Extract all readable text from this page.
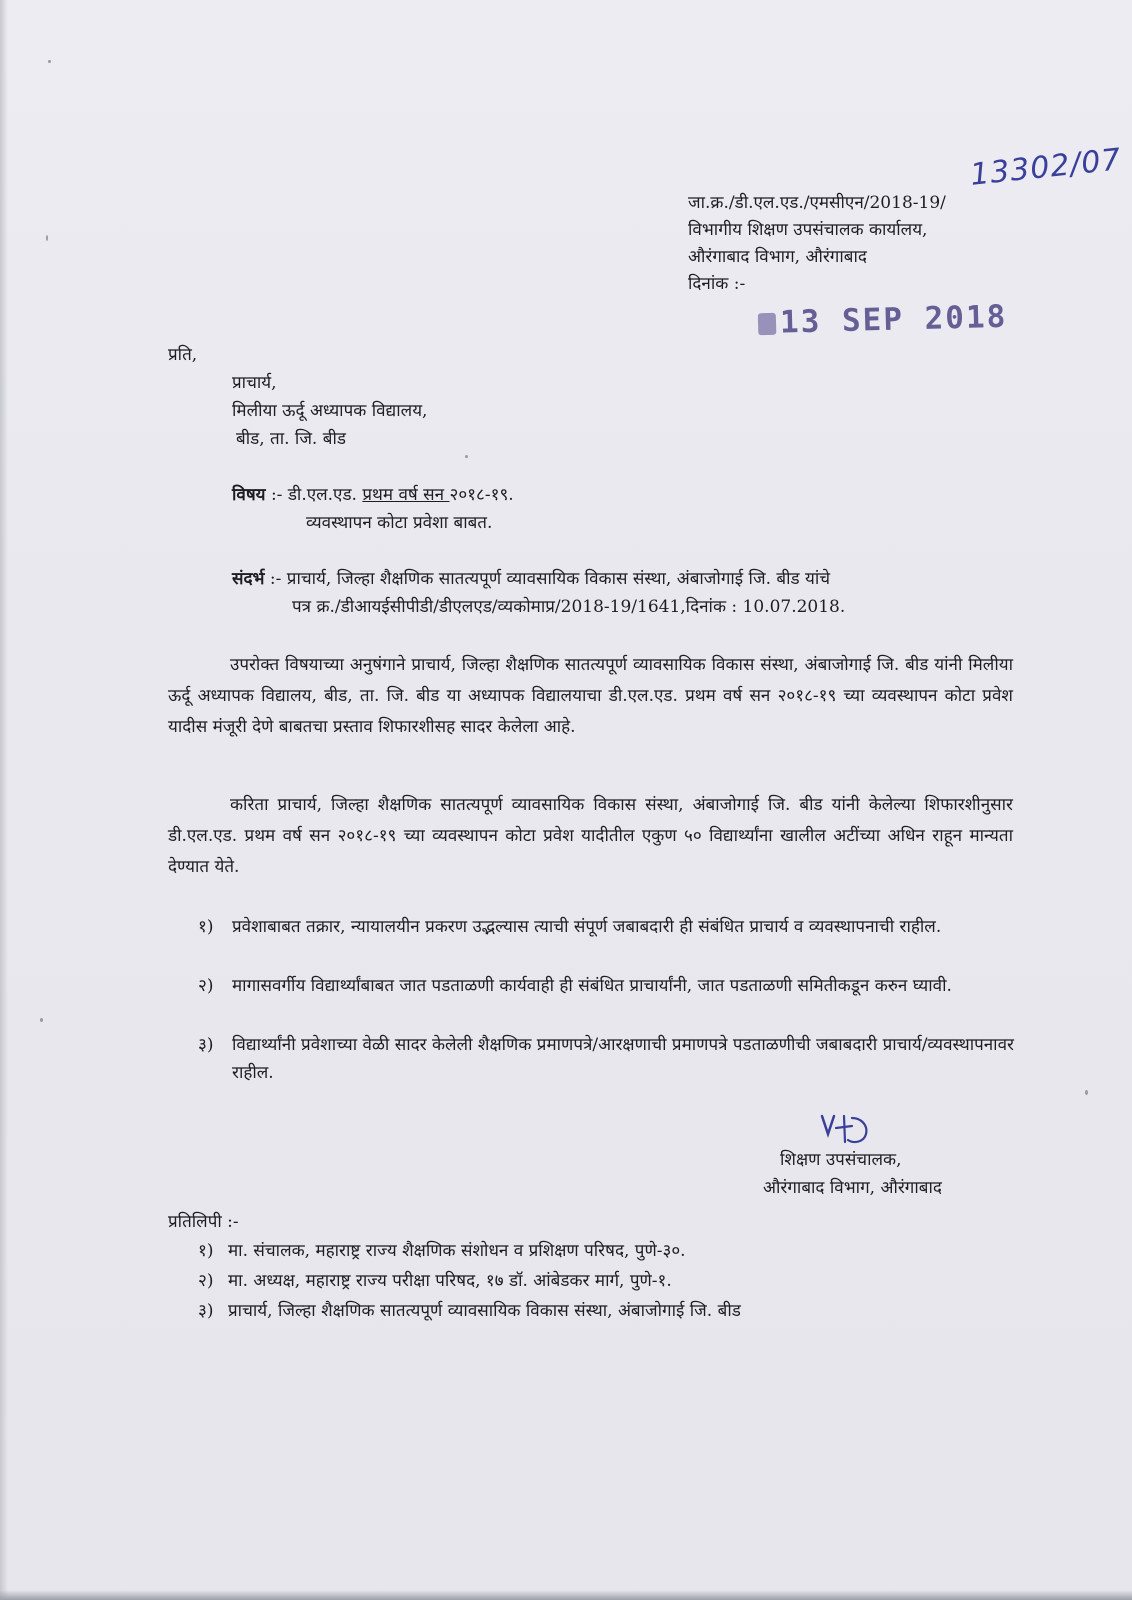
13302/07
जा.क्र./डी.एल.एड./एमसीएन/2018-19/
विभागीय शिक्षण उपसंचालक कार्यालय,
औरंगाबाद विभाग, औरंगाबाद
दिनांक :-
13 SEP 2018
प्रति,
प्राचार्य,
मिलीया ऊर्दू अध्यापक विद्यालय,
बीड, ता. जि. बीड
विषय :- डी.एल.एड. प्रथम वर्ष सन २०१८-१९.
व्यवस्थापन कोटा प्रवेशा बाबत.
संदर्भ :- प्राचार्य, जिल्हा शैक्षणिक सातत्यपूर्ण व्यावसायिक विकास संस्था, अंबाजोगाई जि. बीड यांचे
पत्र क्र./डीआयईसीपीडी/डीएलएड/व्यकोमाप्र/2018-19/1641,दिनांक : 10.07.2018.
उपरोक्त विषयाच्या अनुषंगाने प्राचार्य, जिल्हा शैक्षणिक सातत्यपूर्ण व्यावसायिक विकास संस्था, अंबाजोगाई जि. बीड यांनी मिलीया ऊर्दू अध्यापक विद्यालय, बीड, ता. जि. बीड या अध्यापक विद्यालयाचा डी.एल.एड. प्रथम वर्ष सन २०१८-१९ च्या व्यवस्थापन कोटा प्रवेश यादीस मंजूरी देणे बाबतचा प्रस्ताव शिफारशीसह सादर केलेला आहे.
करिता प्राचार्य, जिल्हा शैक्षणिक सातत्यपूर्ण व्यावसायिक विकास संस्था, अंबाजोगाई जि. बीड यांनी केलेल्या शिफारशीनुसार डी.एल.एड. प्रथम वर्ष सन २०१८-१९ च्या व्यवस्थापन कोटा प्रवेश यादीतील एकुण ५० विद्यार्थ्यांना खालील अटींच्या अधिन राहून मान्यता देण्यात येते.
१) प्रवेशाबाबत तक्रार, न्यायालयीन प्रकरण उद्भल्यास त्याची संपूर्ण जबाबदारी ही संबंधित प्राचार्य व व्यवस्थापनाची राहील.
२) मागासवर्गीय विद्यार्थ्यांबाबत जात पडताळणी कार्यवाही ही संबंधित प्राचार्यांनी, जात पडताळणी समितीकडून करुन घ्यावी.
३) विद्यार्थ्यांनी प्रवेशाच्या वेळी सादर केलेली शैक्षणिक प्रमाणपत्रे/आरक्षणाची प्रमाणपत्रे पडताळणीची जबाबदारी प्राचार्य/व्यवस्थापनावर राहील.
शिक्षण उपसंचालक,
औरंगाबाद विभाग, औरंगाबाद
प्रतिलिपी :-
१) मा. संचालक, महाराष्ट्र राज्य शैक्षणिक संशोधन व प्रशिक्षण परिषद, पुणे-३०.
२) मा. अध्यक्ष, महाराष्ट्र राज्य परीक्षा परिषद, १७ डॉ. आंबेडकर मार्ग, पुणे-१.
३) प्राचार्य, जिल्हा शैक्षणिक सातत्यपूर्ण व्यावसायिक विकास संस्था, अंबाजोगाई जि. बीड
